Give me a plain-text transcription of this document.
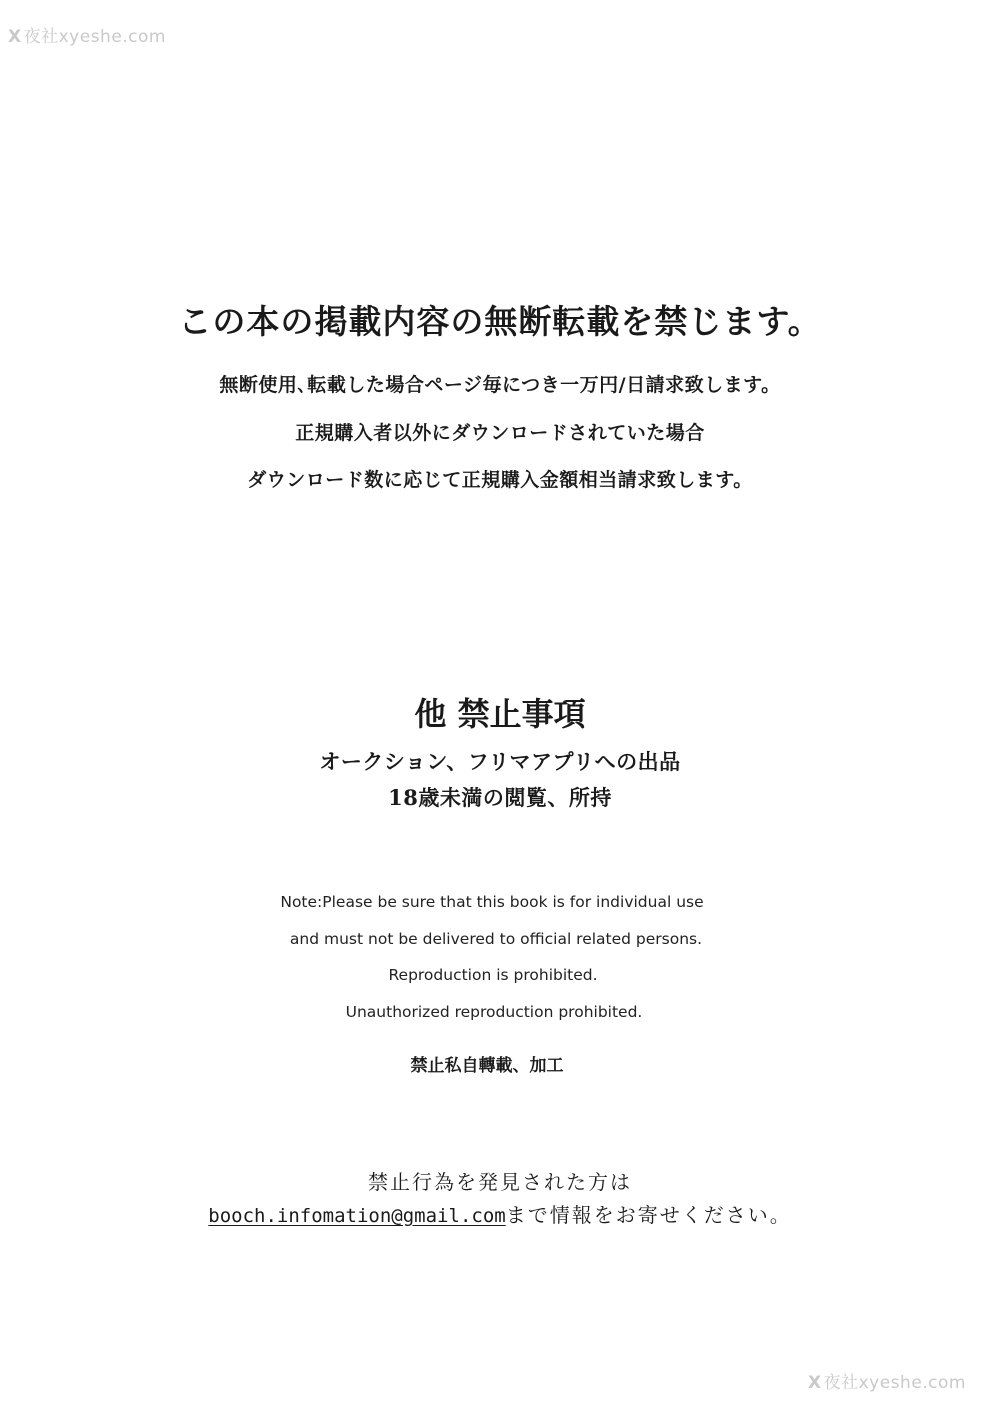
X 夜社xyeshe.com
この本の掲載内容の無断転載を禁じます。
無断使用､転載した場合ページ毎につき一万円/日請求致します。
正規購入者以外にダウンロードされていた場合
ダウンロード数に応じて正規購入金額相当請求致します。
他 禁止事項
オークション、フリマアプリへの出品
18歳未満の閲覧、所持
Note:Please be sure that this book is for individual use
and must not be delivered to official related persons.
Reproduction is prohibited.
Unauthorized reproduction prohibited.
禁止私自轉載、加工
禁止行為を発見された方は
booch.infomation@gmail.comまで情報をお寄せください。
X 夜社xyeshe.com
